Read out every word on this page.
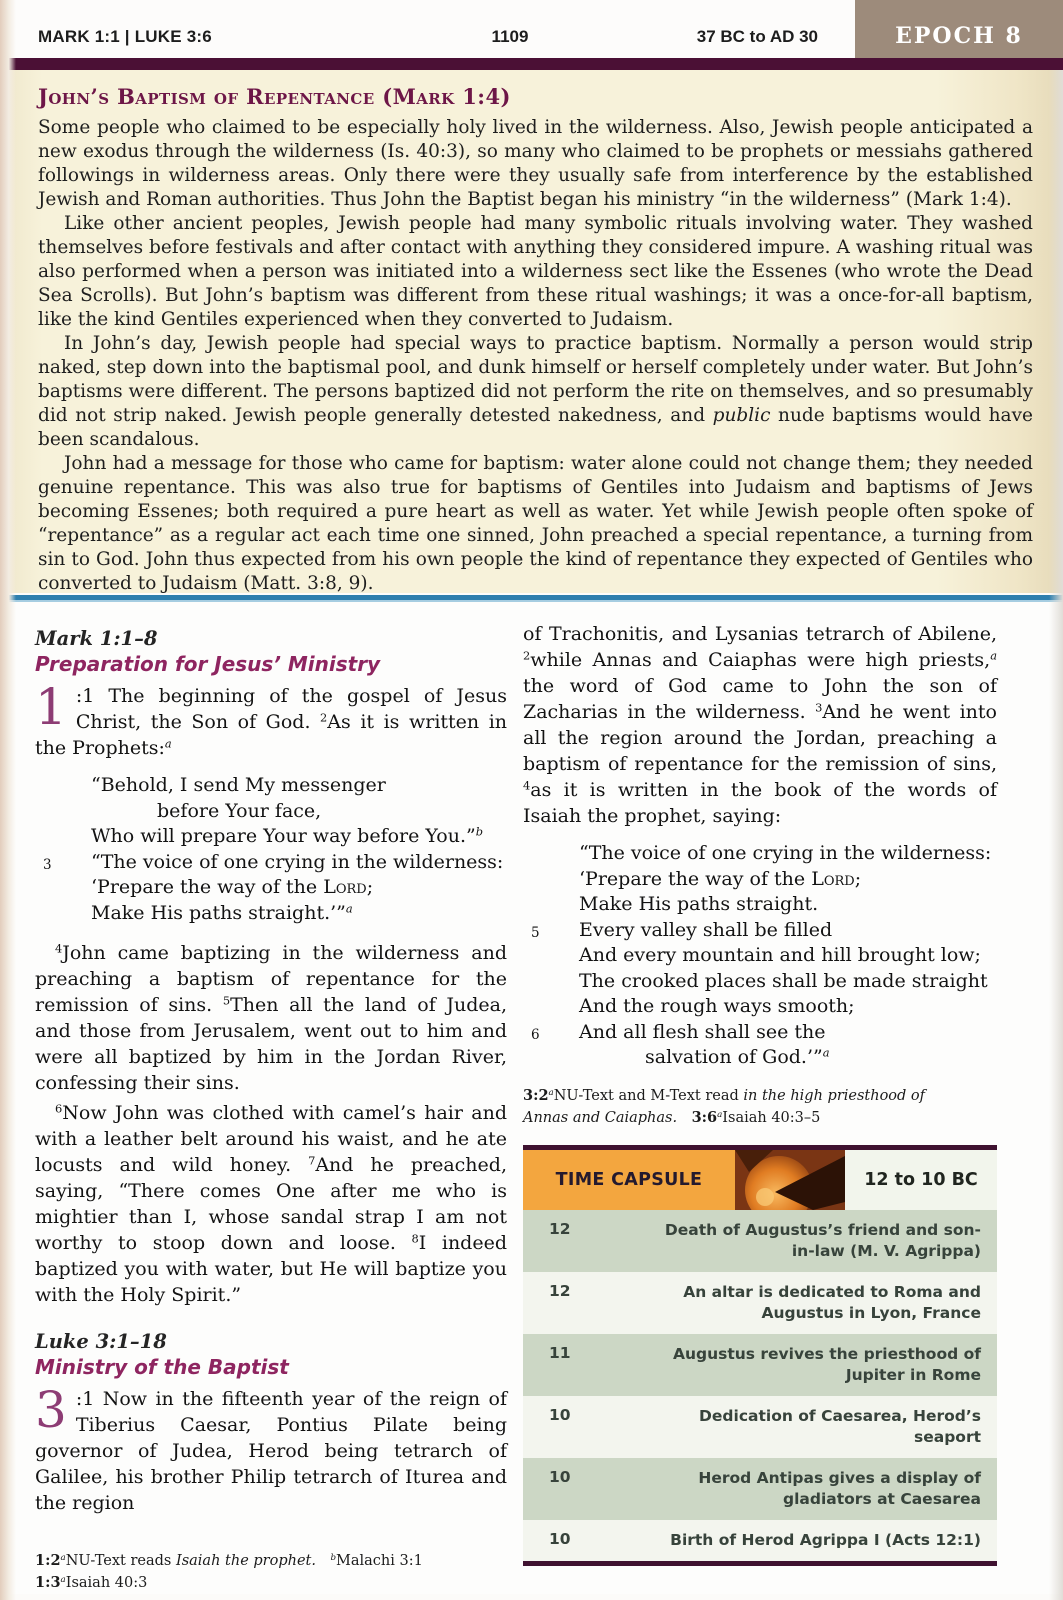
MARK 1:1 | LUKE 3:6	1109	37 BC to AD 30	EPOCH 8
John’s Baptism of Repentance (Mark 1:4)

Some people who claimed to be especially holy lived in the wilderness. Also, Jewish people anticipated a new exodus through the wilderness (Is. 40:3), so many who claimed to be prophets or messiahs gathered followings in wilderness areas. Only there were they usually safe from interference by the established Jewish and Roman authorities. Thus John the Baptist began his ministry “in the wilderness” (Mark 1:4).

Like other ancient peoples, Jewish people had many symbolic rituals involving water. They washed themselves before festivals and after contact with anything they considered impure. A washing ritual was also performed when a person was initiated into a wilderness sect like the Essenes (who wrote the Dead Sea Scrolls). But John’s baptism was different from these ritual washings; it was a once-for-all baptism, like the kind Gentiles experienced when they converted to Judaism.

In John’s day, Jewish people had special ways to practice baptism. Normally a person would strip naked, step down into the baptismal pool, and dunk himself or herself completely under water. But John’s baptisms were different. The persons baptized did not perform the rite on themselves, and so presumably did not strip naked. Jewish people generally detested nakedness, and public nude baptisms would have been scandalous.

John had a message for those who came for baptism: water alone could not change them; they needed genuine repentance. This was also true for baptisms of Gentiles into Judaism and baptisms of Jews becoming Essenes; both required a pure heart as well as water. Yet while Jewish people often spoke of “repentance” as a regular act each time one sinned, John preached a special repentance, a turning from sin to God. John thus expected from his own people the kind of repentance they expected of Gentiles who converted to Judaism (Matt. 3:8, 9).

Mark 1:1–8
Preparation for Jesus’ Ministry

1 :1 The beginning of the gospel of Jesus Christ, the Son of God. $^2$As it is written in the Prophets:$^a$

“Behold, I send My messenger
before Your face,
Who will prepare Your way before You.”$^b$
3 “The voice of one crying in the wilderness:
‘Prepare the way of the Lord;
Make His paths straight.’”$^a$

$^4$John came baptizing in the wilderness and preaching a baptism of repentance for the remission of sins. $^5$Then all the land of Judea, and those from Jerusalem, went out to him and were all baptized by him in the Jordan River, confessing their sins.

$^6$Now John was clothed with camel’s hair and with a leather belt around his waist, and he ate locusts and wild honey. $^7$And he preached, saying, “There comes One after me who is mightier than I, whose sandal strap I am not worthy to stoop down and loose. $^8$I indeed baptized you with water, but He will baptize you with the Holy Spirit.”

Luke 3:1–18
Ministry of the Baptist

3 :1 Now in the fifteenth year of the reign of Tiberius Caesar, Pontius Pilate being governor of Judea, Herod being tetrarch of Galilee, his brother Philip tetrarch of Iturea and the region

1:2$^a$NU-Text reads Isaiah the prophet.  $^b$Malachi 3:1
1:3$^a$Isaiah 40:3

of Trachonitis, and Lysanias tetrarch of Abilene, $^2$while Annas and Caiaphas were high priests,$^a$ the word of God came to John the son of Zacharias in the wilderness. $^3$And he went into all the region around the Jordan, preaching a baptism of repentance for the remission of sins, $^4$as it is written in the book of the words of Isaiah the prophet, saying:

“The voice of one crying in the wilderness:
‘Prepare the way of the Lord;
Make His paths straight.
5 Every valley shall be filled
And every mountain and hill brought low;
The crooked places shall be made straight
And the rough ways smooth;
6 And all flesh shall see the
salvation of God.’”$^a$
3:2$^a$NU-Text and M-Text read in the high priesthood of Annas and Caiaphas.  3:6$^a$Isaiah 40:3–5
TIME CAPSULE	12 to 10 BC
12	Death of Augustus’s friend and son-in-law (M. V. Agrippa)
12	An altar is dedicated to Roma and Augustus in Lyon, France
11	Augustus revives the priesthood of Jupiter in Rome
10	Dedication of Caesarea, Herod’s seaport
10	Herod Antipas gives a display of gladiators at Caesarea
10	Birth of Herod Agrippa I (Acts 12:1)
